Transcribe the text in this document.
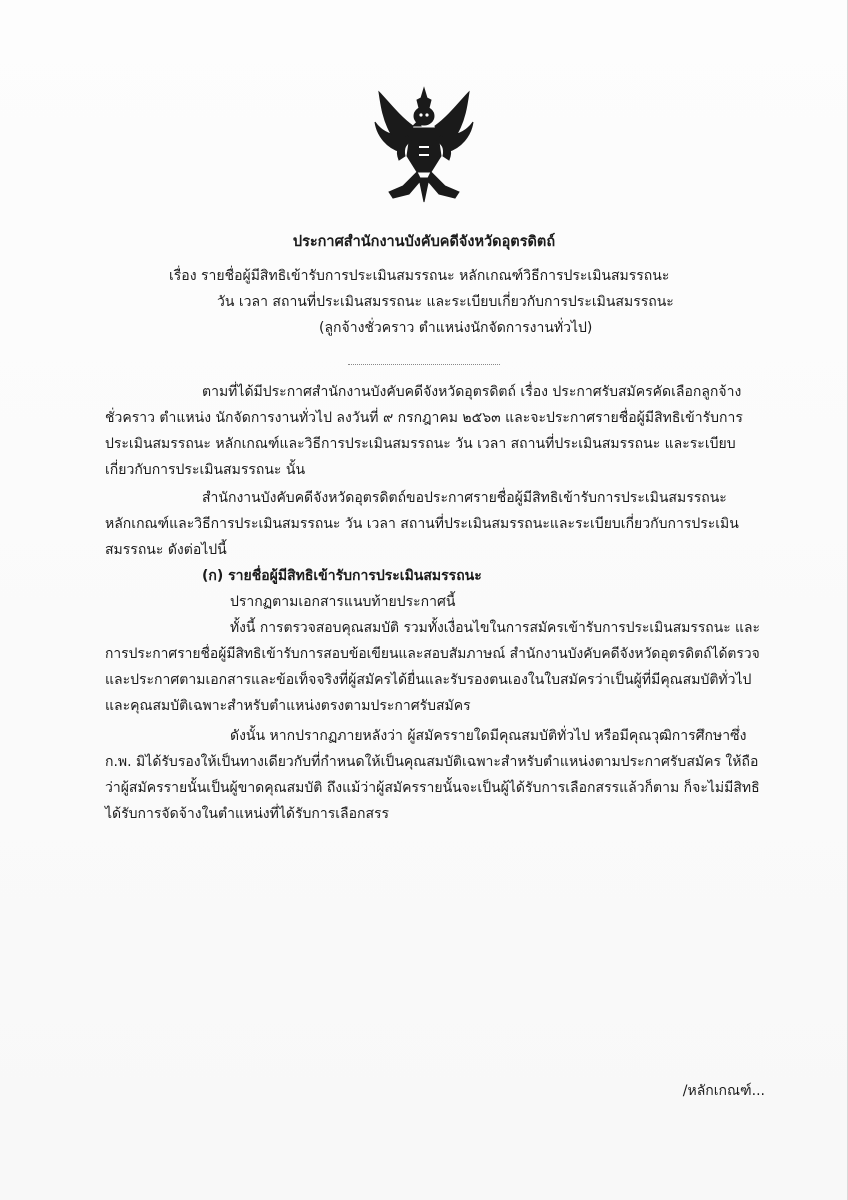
ประกาศสำนักงานบังคับคดีจังหวัดอุตรดิตถ์
เรื่อง รายชื่อผู้มีสิทธิเข้ารับการประเมินสมรรถนะ หลักเกณฑ์วิธีการประเมินสมรรถนะ
วัน เวลา สถานที่ประเมินสมรรถนะ และระเบียบเกี่ยวกับการประเมินสมรรถนะ
(ลูกจ้างชั่วคราว ตำแหน่งนักจัดการงานทั่วไป)
ตามที่ได้มีประกาศสำนักงานบังคับคดีจังหวัดอุตรดิตถ์ เรื่อง ประกาศรับสมัครคัดเลือกลูกจ้าง
ชั่วคราว ตำแหน่ง นักจัดการงานทั่วไป ลงวันที่ ๙ กรกฎาคม ๒๕๖๓ และจะประกาศรายชื่อผู้มีสิทธิเข้ารับการ
ประเมินสมรรถนะ หลักเกณฑ์และวิธีการประเมินสมรรถนะ วัน เวลา สถานที่ประเมินสมรรถนะ และระเบียบ
เกี่ยวกับการประเมินสมรรถนะ นั้น
สำนักงานบังคับคดีจังหวัดอุตรดิตถ์ขอประกาศรายชื่อผู้มีสิทธิเข้ารับการประเมินสมรรถนะ
หลักเกณฑ์และวิธีการประเมินสมรรถนะ วัน เวลา สถานที่ประเมินสมรรถนะและระเบียบเกี่ยวกับการประเมิน
สมรรถนะ ดังต่อไปนี้
(ก) รายชื่อผู้มีสิทธิเข้ารับการประเมินสมรรถนะ
ปรากฏตามเอกสารแนบท้ายประกาศนี้
ทั้งนี้ การตรวจสอบคุณสมบัติ รวมทั้งเงื่อนไขในการสมัครเข้ารับการประเมินสมรรถนะ และ
การประกาศรายชื่อผู้มีสิทธิเข้ารับการสอบข้อเขียนและสอบสัมภาษณ์ สำนักงานบังคับคดีจังหวัดอุตรดิตถ์ได้ตรวจ
และประกาศตามเอกสารและข้อเท็จจริงที่ผู้สมัครได้ยื่นและรับรองตนเองในใบสมัครว่าเป็นผู้ที่มีคุณสมบัติทั่วไป
และคุณสมบัติเฉพาะสำหรับตำแหน่งตรงตามประกาศรับสมัคร
ดังนั้น หากปรากฏภายหลังว่า ผู้สมัครรายใดมีคุณสมบัติทั่วไป หรือมีคุณวุฒิการศึกษาซึ่ง
ก.พ. มิได้รับรองให้เป็นทางเดียวกับที่กำหนดให้เป็นคุณสมบัติเฉพาะสำหรับตำแหน่งตามประกาศรับสมัคร ให้ถือ
ว่าผู้สมัครรายนั้นเป็นผู้ขาดคุณสมบัติ ถึงแม้ว่าผู้สมัครรายนั้นจะเป็นผู้ได้รับการเลือกสรรแล้วก็ตาม ก็จะไม่มีสิทธิ
ได้รับการจัดจ้างในตำแหน่งที่ได้รับการเลือกสรร
/หลักเกณฑ์...
